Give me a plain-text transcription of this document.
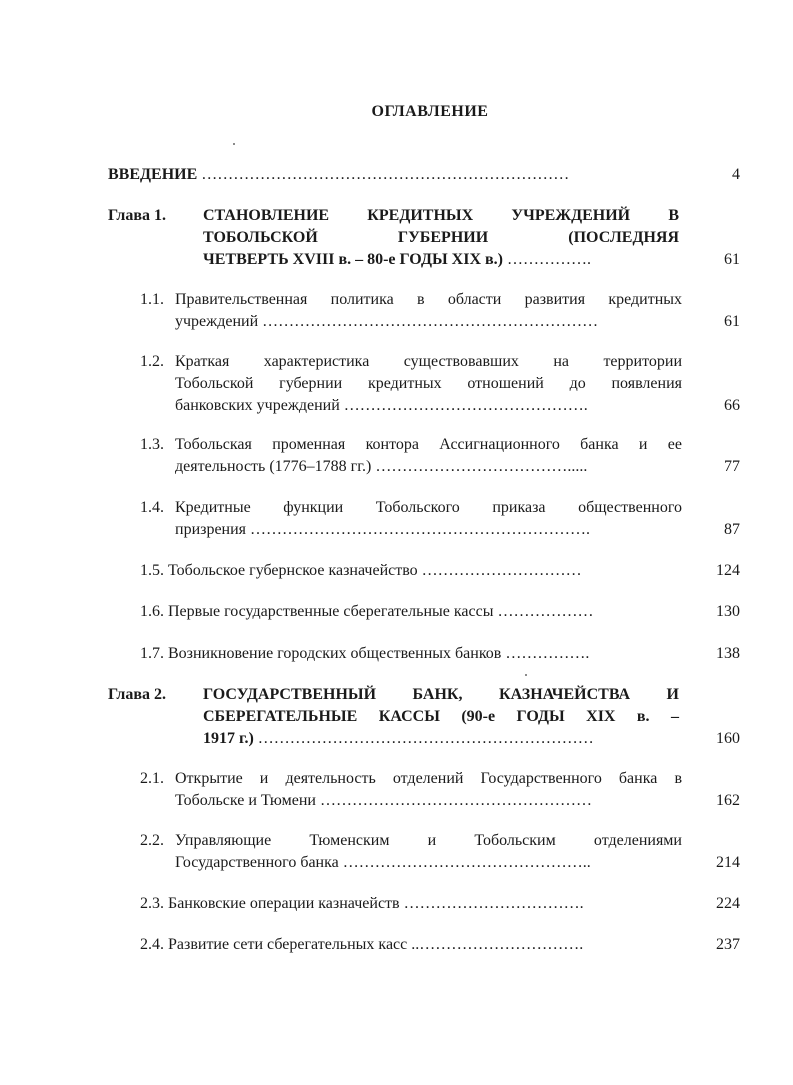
ОГЛАВЛЕНИЕ
ВВЕДЕНИЕ ……………………………………………………………	4
Глава 1. СТАНОВЛЕНИЕ КРЕДИТНЫХ УЧРЕЖДЕНИЙ В
ТОБОЛЬСКОЙ ГУБЕРНИИ (ПОСЛЕДНЯЯ
ЧЕТВЕРТЬ XVIII в. – 80-е ГОДЫ XIX в.) …………….	61
1.1. Правительственная политика в области развития кредитных
учреждений ………………………………………………………	61
1.2. Краткая характеристика существовавших на территории
Тобольской губернии кредитных отношений до появления
банковских учреждений ……………………………………….	66
1.3. Тобольская променная контора Ассигнационного банка и ее
деятельность (1776–1788 гг.) ……………………………….....	77
1.4. Кредитные функции Тобольского приказа общественного
призрения ……………………………………………………….	87
1.5. Тобольское губернское казначейство …………………………	124
1.6. Первые государственные сберегательные кассы ………………	130
1.7. Возникновение городских общественных банков …………….	138
Глава 2. ГОСУДАРСТВЕННЫЙ БАНК, КАЗНАЧЕЙСТВА И
СБЕРЕГАТЕЛЬНЫЕ КАССЫ (90-е ГОДЫ XIX в. –
1917 г.) ………………………………………………………	160
2.1. Открытие и деятельность отделений Государственного банка в
Тобольске и Тюмени ……………………………………………	162
2.2. Управляющие Тюменским и Тобольским отделениями
Государственного банка ………………………………………..	214
2.3. Банковские операции казначейств …………………………….	224
2.4. Развитие сети сберегательных касс ..………………………….	237
